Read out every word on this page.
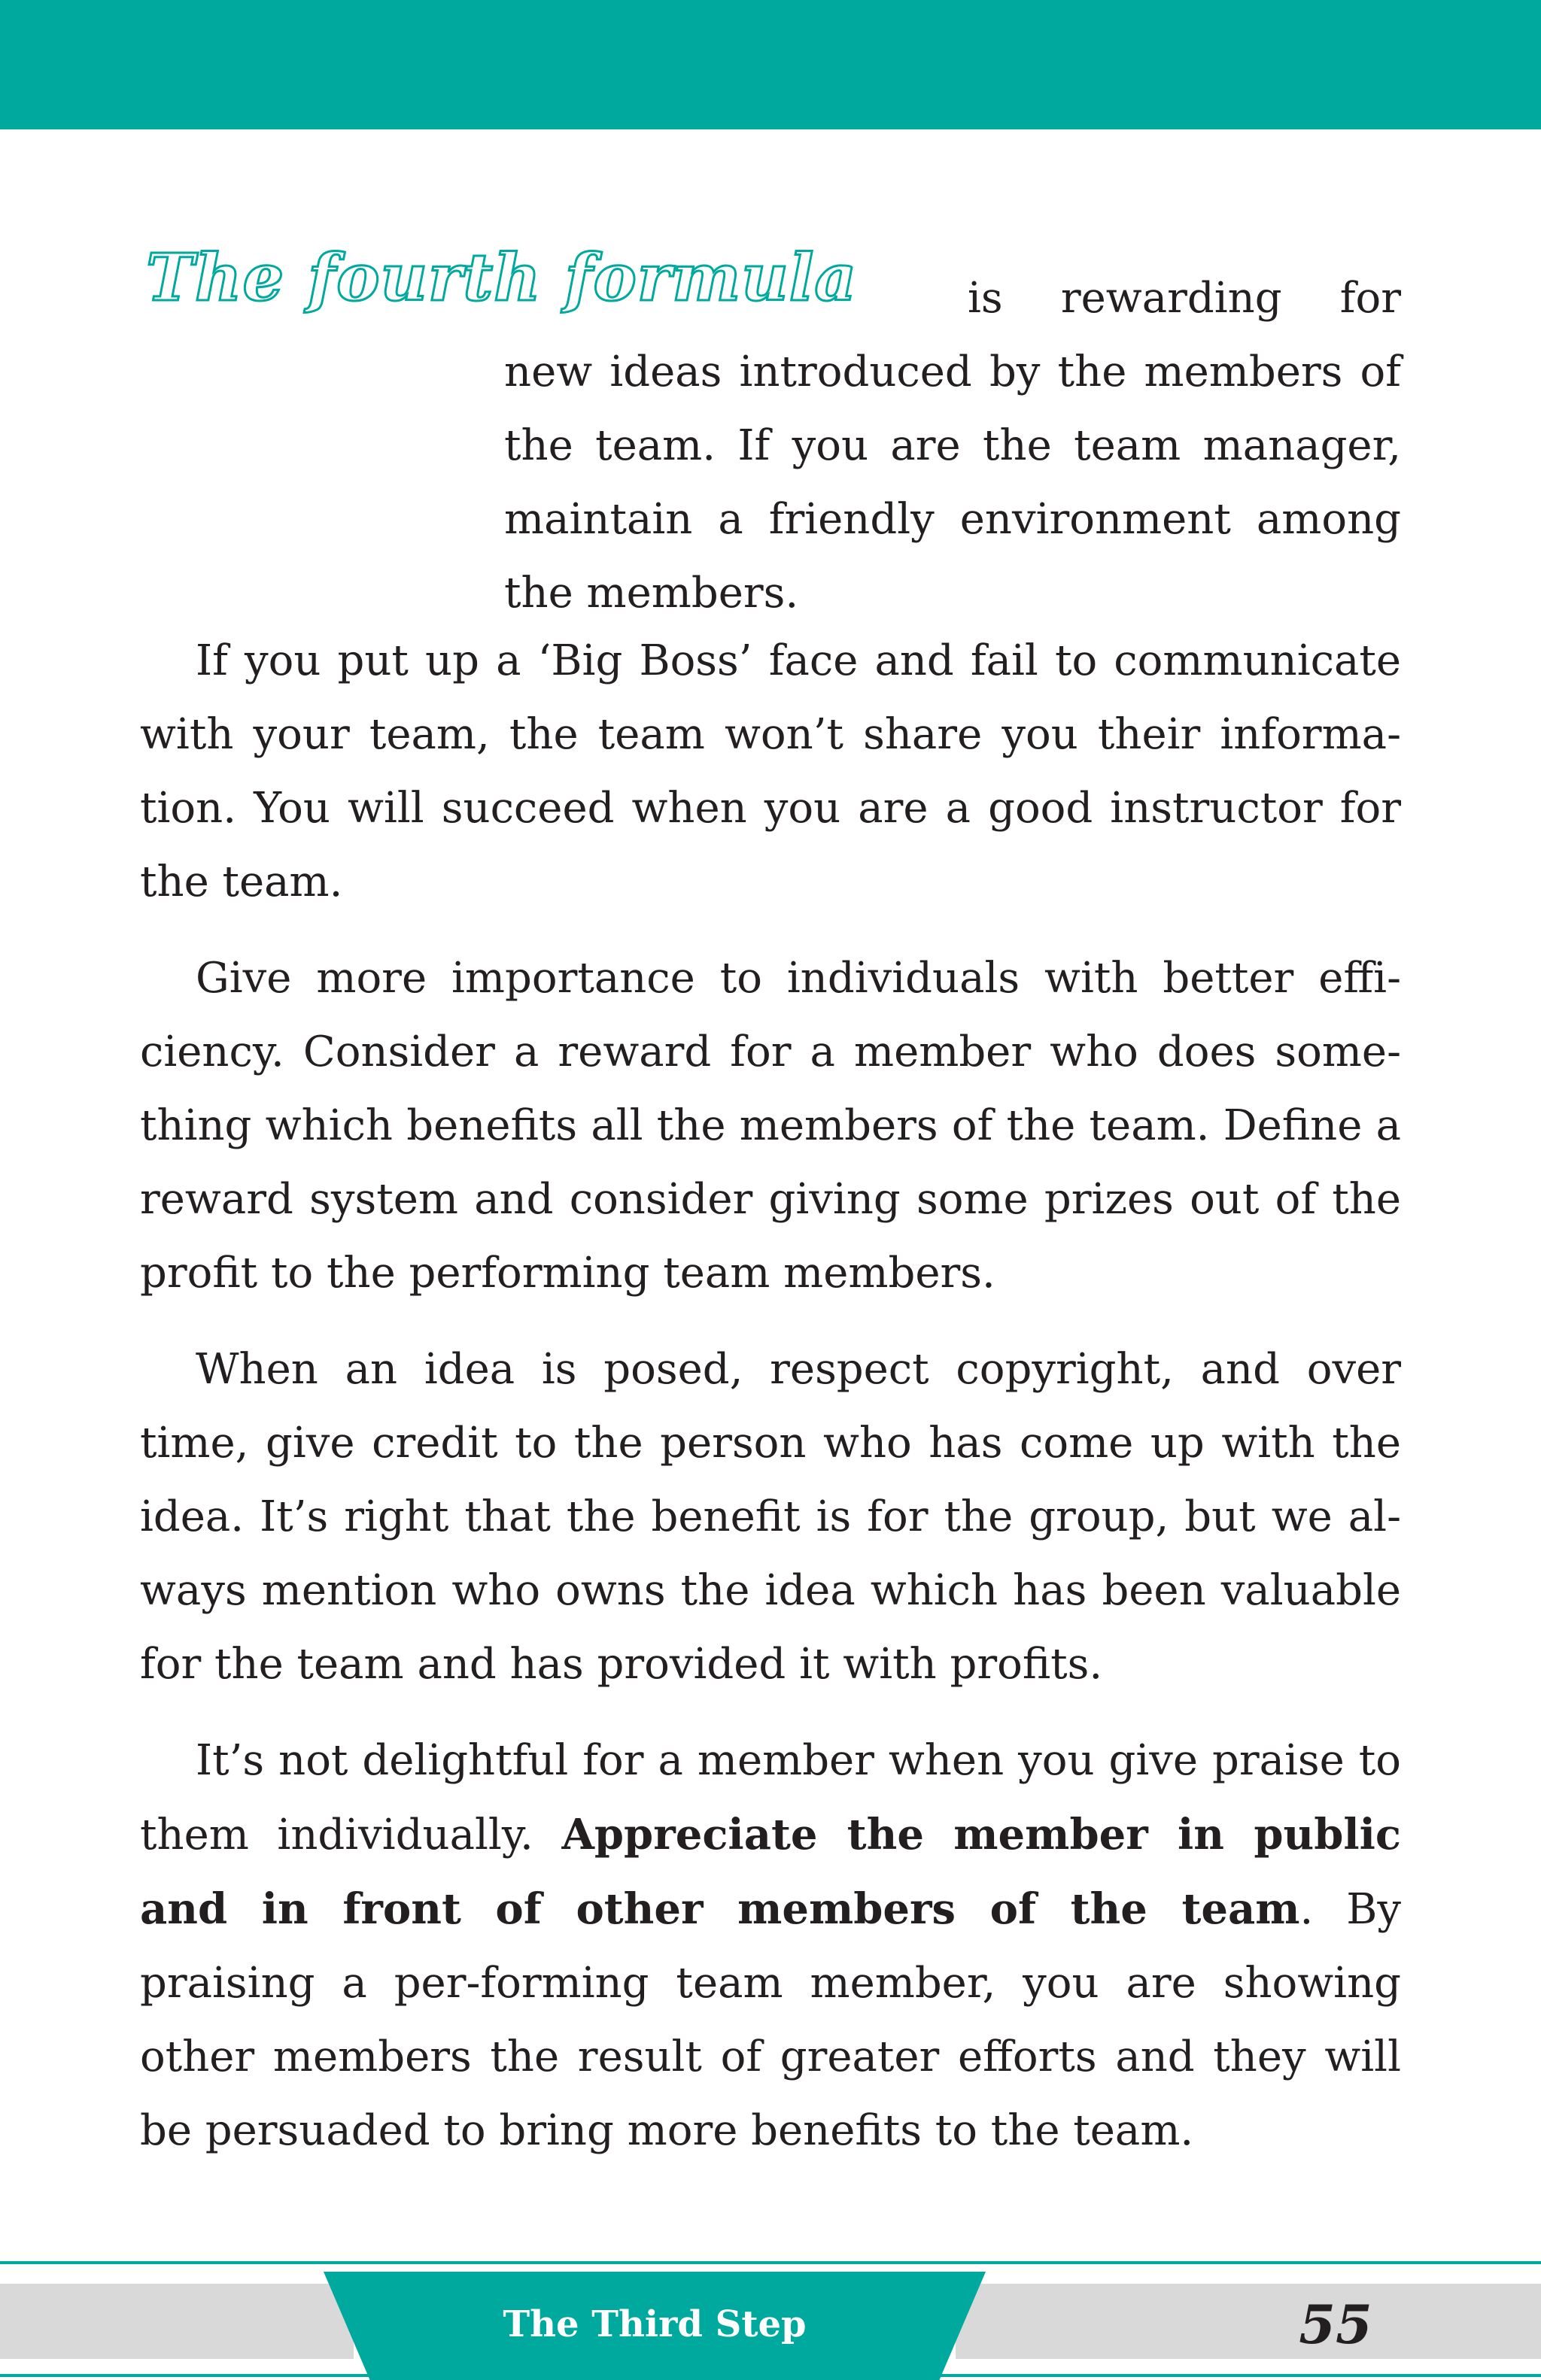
The fourth formula	is rewarding for
new ideas introduced by the members of the team. If you are the team manager, maintain a friendly environment among the members.

If you put up a ‘Big Boss’ face and fail to communicate with your team, the team won’t share you their informa-tion. You will succeed when you are a good instructor for the team.

Give more importance to individuals with better effi-ciency. Consider a reward for a member who does some-thing which benefits all the members of the team. Define a reward system and consider giving some prizes out of the profit to the performing team members.

When an idea is posed, respect copyright, and over time, give credit to the person who has come up with the idea. It’s right that the benefit is for the group, but we al-ways mention who owns the idea which has been valuable for the team and has provided it with profits.

It’s not delightful for a member when you give praise to them individually. Appreciate the member in public and in front of other members of the team. By praising a per-forming team member, you are showing other members the result of greater efforts and they will be persuaded to bring more benefits to the team.

The Third Step	55
